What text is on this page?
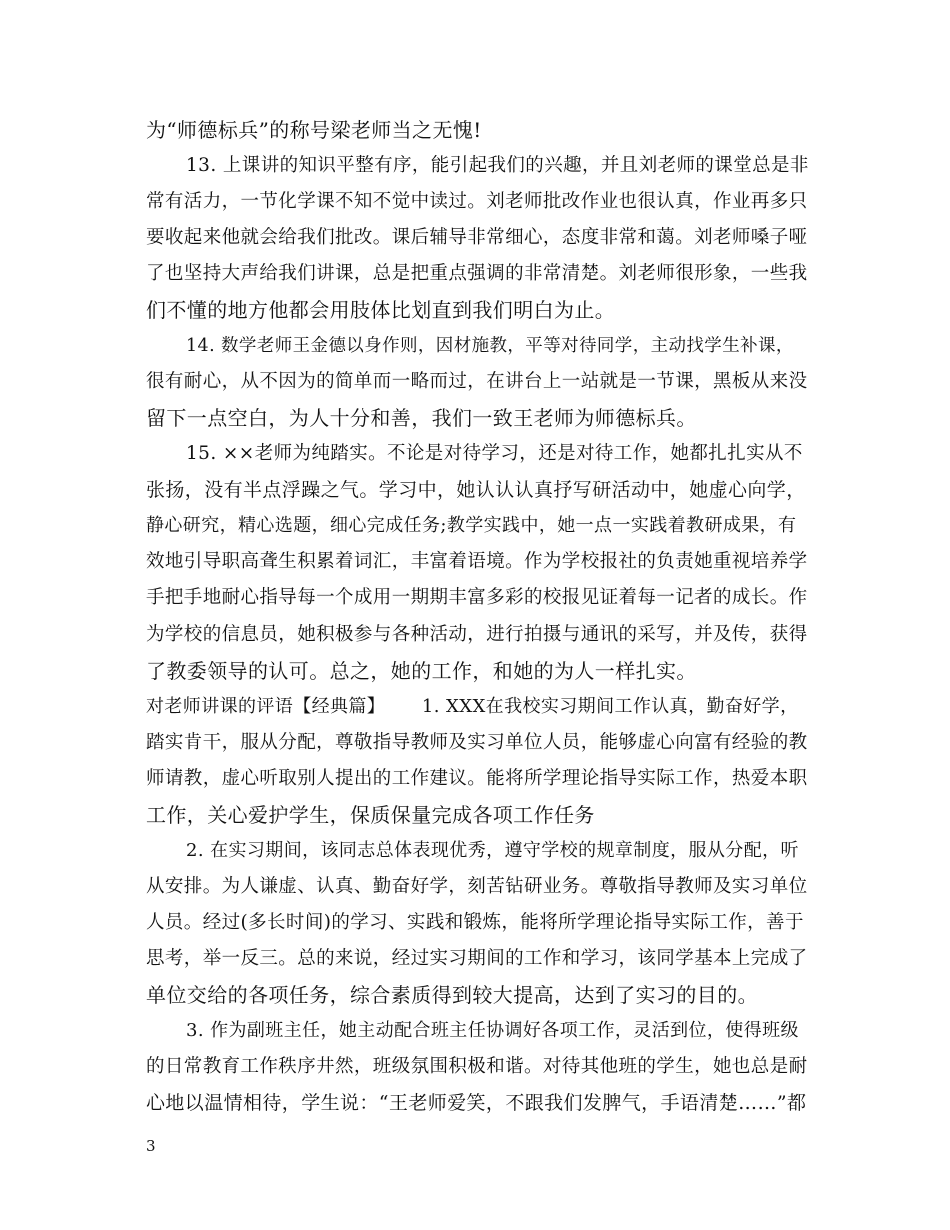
为“师德标兵”的称号梁老师当之无愧!

13. 上课讲的知识平整有序，能引起我们的兴趣，并且刘老师的课堂总是非

常有活力，一节化学课不知不觉中读过。刘老师批改作业也很认真，作业再多只

要收起来他就会给我们批改。课后辅导非常细心，态度非常和蔼。刘老师嗓子哑

了也坚持大声给我们讲课，总是把重点强调的非常清楚。刘老师很形象，一些我

们不懂的地方他都会用肢体比划直到我们明白为止。

14. 数学老师王金德以身作则，因材施教，平等对待同学，主动找学生补课，

很有耐心，从不因为的简单而一略而过，在讲台上一站就是一节课，黑板从来没

留下一点空白，为人十分和善，我们一致王老师为师德标兵。

15. ××老师为纯踏实。不论是对待学习，还是对待工作，她都扎扎实从不

张扬，没有半点浮躁之气。学习中，她认认认真抒写研活动中，她虚心向学，

静心研究，精心选题，细心完成任务;教学实践中，她一点一实践着教研成果，有

效地引导职高聋生积累着词汇，丰富着语境。作为学校报社的负责她重视培养学

手把手地耐心指导每一个成用一期期丰富多彩的校报见证着每一记者的成长。作

为学校的信息员，她积极参与各种活动，进行拍摄与通讯的采写，并及传，获得

了教委领导的认可。总之，她的工作，和她的为人一样扎实。

对老师讲课的评语【经典篇】      1. XXX在我校实习期间工作认真，勤奋好学，

踏实肯干，服从分配，尊敬指导教师及实习单位人员，能够虚心向富有经验的教

师请教，虚心听取别人提出的工作建议。能将所学理论指导实际工作，热爱本职

工作，关心爱护学生，保质保量完成各项工作任务

2. 在实习期间，该同志总体表现优秀，遵守学校的规章制度，服从分配，听

从安排。为人谦虚、认真、勤奋好学，刻苦钻研业务。尊敬指导教师及实习单位

人员。经过(多长时间)的学习、实践和锻炼，能将所学理论指导实际工作，善于

思考，举一反三。总的来说，经过实习期间的工作和学习，该同学基本上完成了

单位交给的各项任务，综合素质得到较大提高，达到了实习的目的。

3. 作为副班主任，她主动配合班主任协调好各项工作，灵活到位，使得班级

的日常教育工作秩序井然，班级氛围积极和谐。对待其他班的学生，她也总是耐

心地以温情相待，学生说：“王老师爱笑，不跟我们发脾气，手语清楚……”都

3
